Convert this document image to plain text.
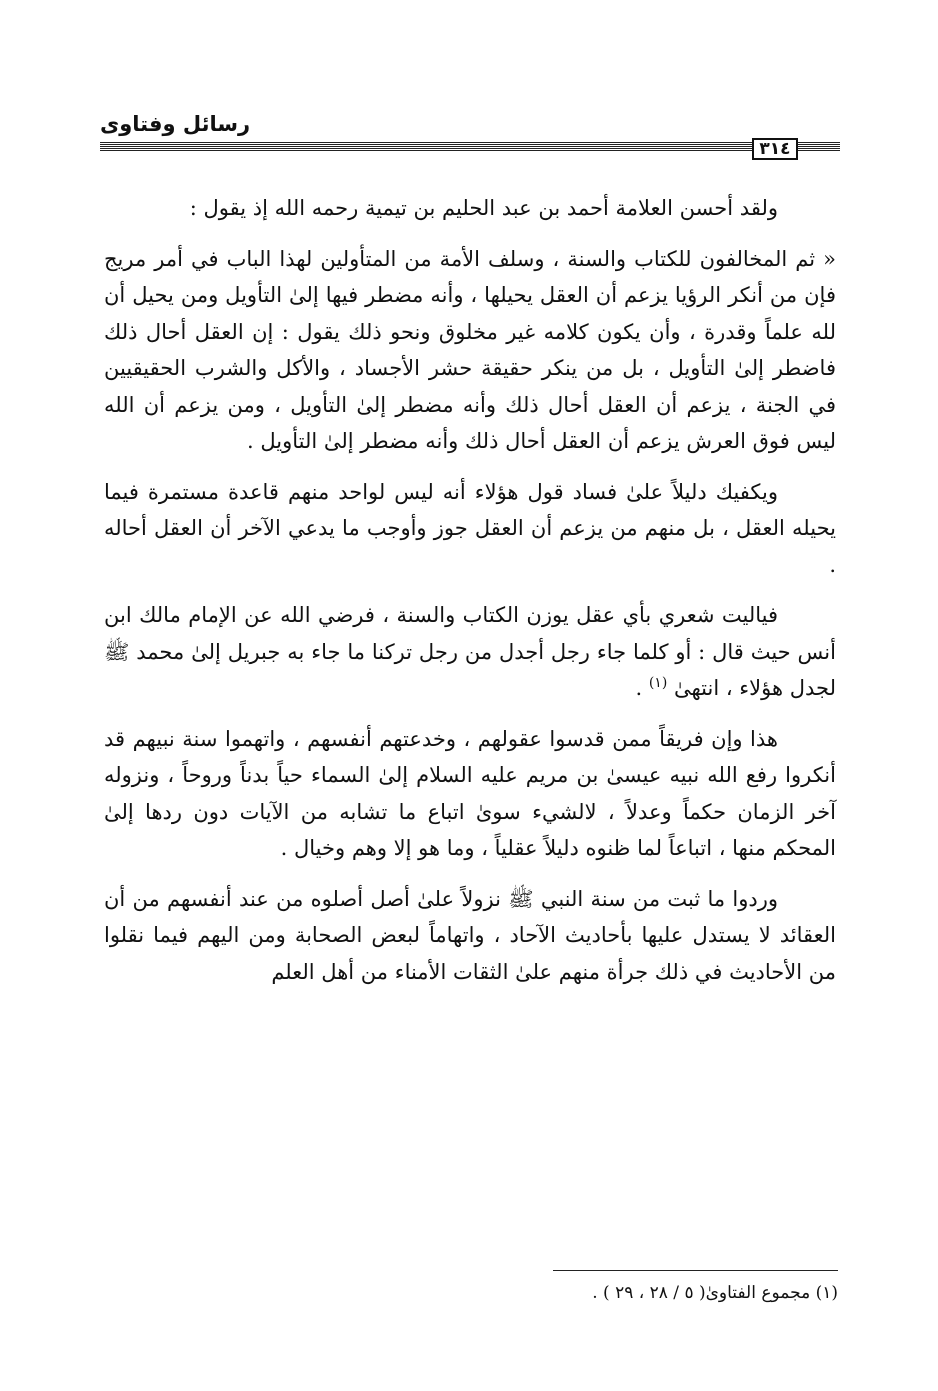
رسائل وفتاوى
٣١٤

ولقد أحسن العلامة أحمد بن عبد الحليم بن تيمية رحمه الله إذ يقول :

« ثم المخالفون للكتاب والسنة ، وسلف الأمة من المتأولين لهذا الباب في أمر مريج فإن من أنكر الرؤيا يزعم أن العقل يحيلها ، وأنه مضطر فيها إلىٰ التأويل ومن يحيل أن لله علماً وقدرة ، وأن يكون كلامه غير مخلوق ونحو ذلك يقول : إن العقل أحال ذلك فاضطر إلىٰ التأويل ، بل من ينكر حقيقة حشر الأجساد ، والأكل والشرب الحقيقيين في الجنة ، يزعم أن العقل أحال ذلك وأنه مضطر إلىٰ التأويل ، ومن يزعم أن الله ليس فوق العرش يزعم أن العقل أحال ذلك وأنه مضطر إلىٰ التأويل .

ويكفيك دليلاً علىٰ فساد قول هؤلاء أنه ليس لواحد منهم قاعدة مستمرة فيما يحيله العقل ، بل منهم من يزعم أن العقل جوز وأوجب ما يدعي الآخر أن العقل أحاله .

فياليت شعري بأي عقل يوزن الكتاب والسنة ، فرضي الله عن الإمام مالك ابن أنس حيث قال : أو كلما جاء رجل أجدل من رجل تركنا ما جاء به جبريل إلىٰ محمد ﷺ لجدل هؤلاء ، انتهىٰ $^{(١)}$ .

هذا وإن فريقاً ممن قدسوا عقولهم ، وخدعتهم أنفسهم ، واتهموا سنة نبيهم قد أنكروا رفع الله نبيه عيسىٰ بن مريم عليه السلام إلىٰ السماء حياً بدناً وروحاً ، ونزوله آخر الزمان حكماً وعدلاً ، لالشيء سوىٰ اتباع ما تشابه من الآيات دون ردها إلىٰ المحكم منها ، اتباعاً لما ظنوه دليلاً عقلياً ، وما هو إلا وهم وخيال .

وردوا ما ثبت من سنة النبي ﷺ نزولاً علىٰ أصل أصلوه من عند أنفسهم من أن العقائد لا يستدل عليها بأحاديث الآحاد ، واتهاماً لبعض الصحابة ومن اليهم فيما نقلوا من الأحاديث في ذلك جرأة منهم علىٰ الثقات الأمناء من أهل العلم

(١) مجموع الفتاوىٰ( ٥ / ٢٨ ، ٢٩ ) .
